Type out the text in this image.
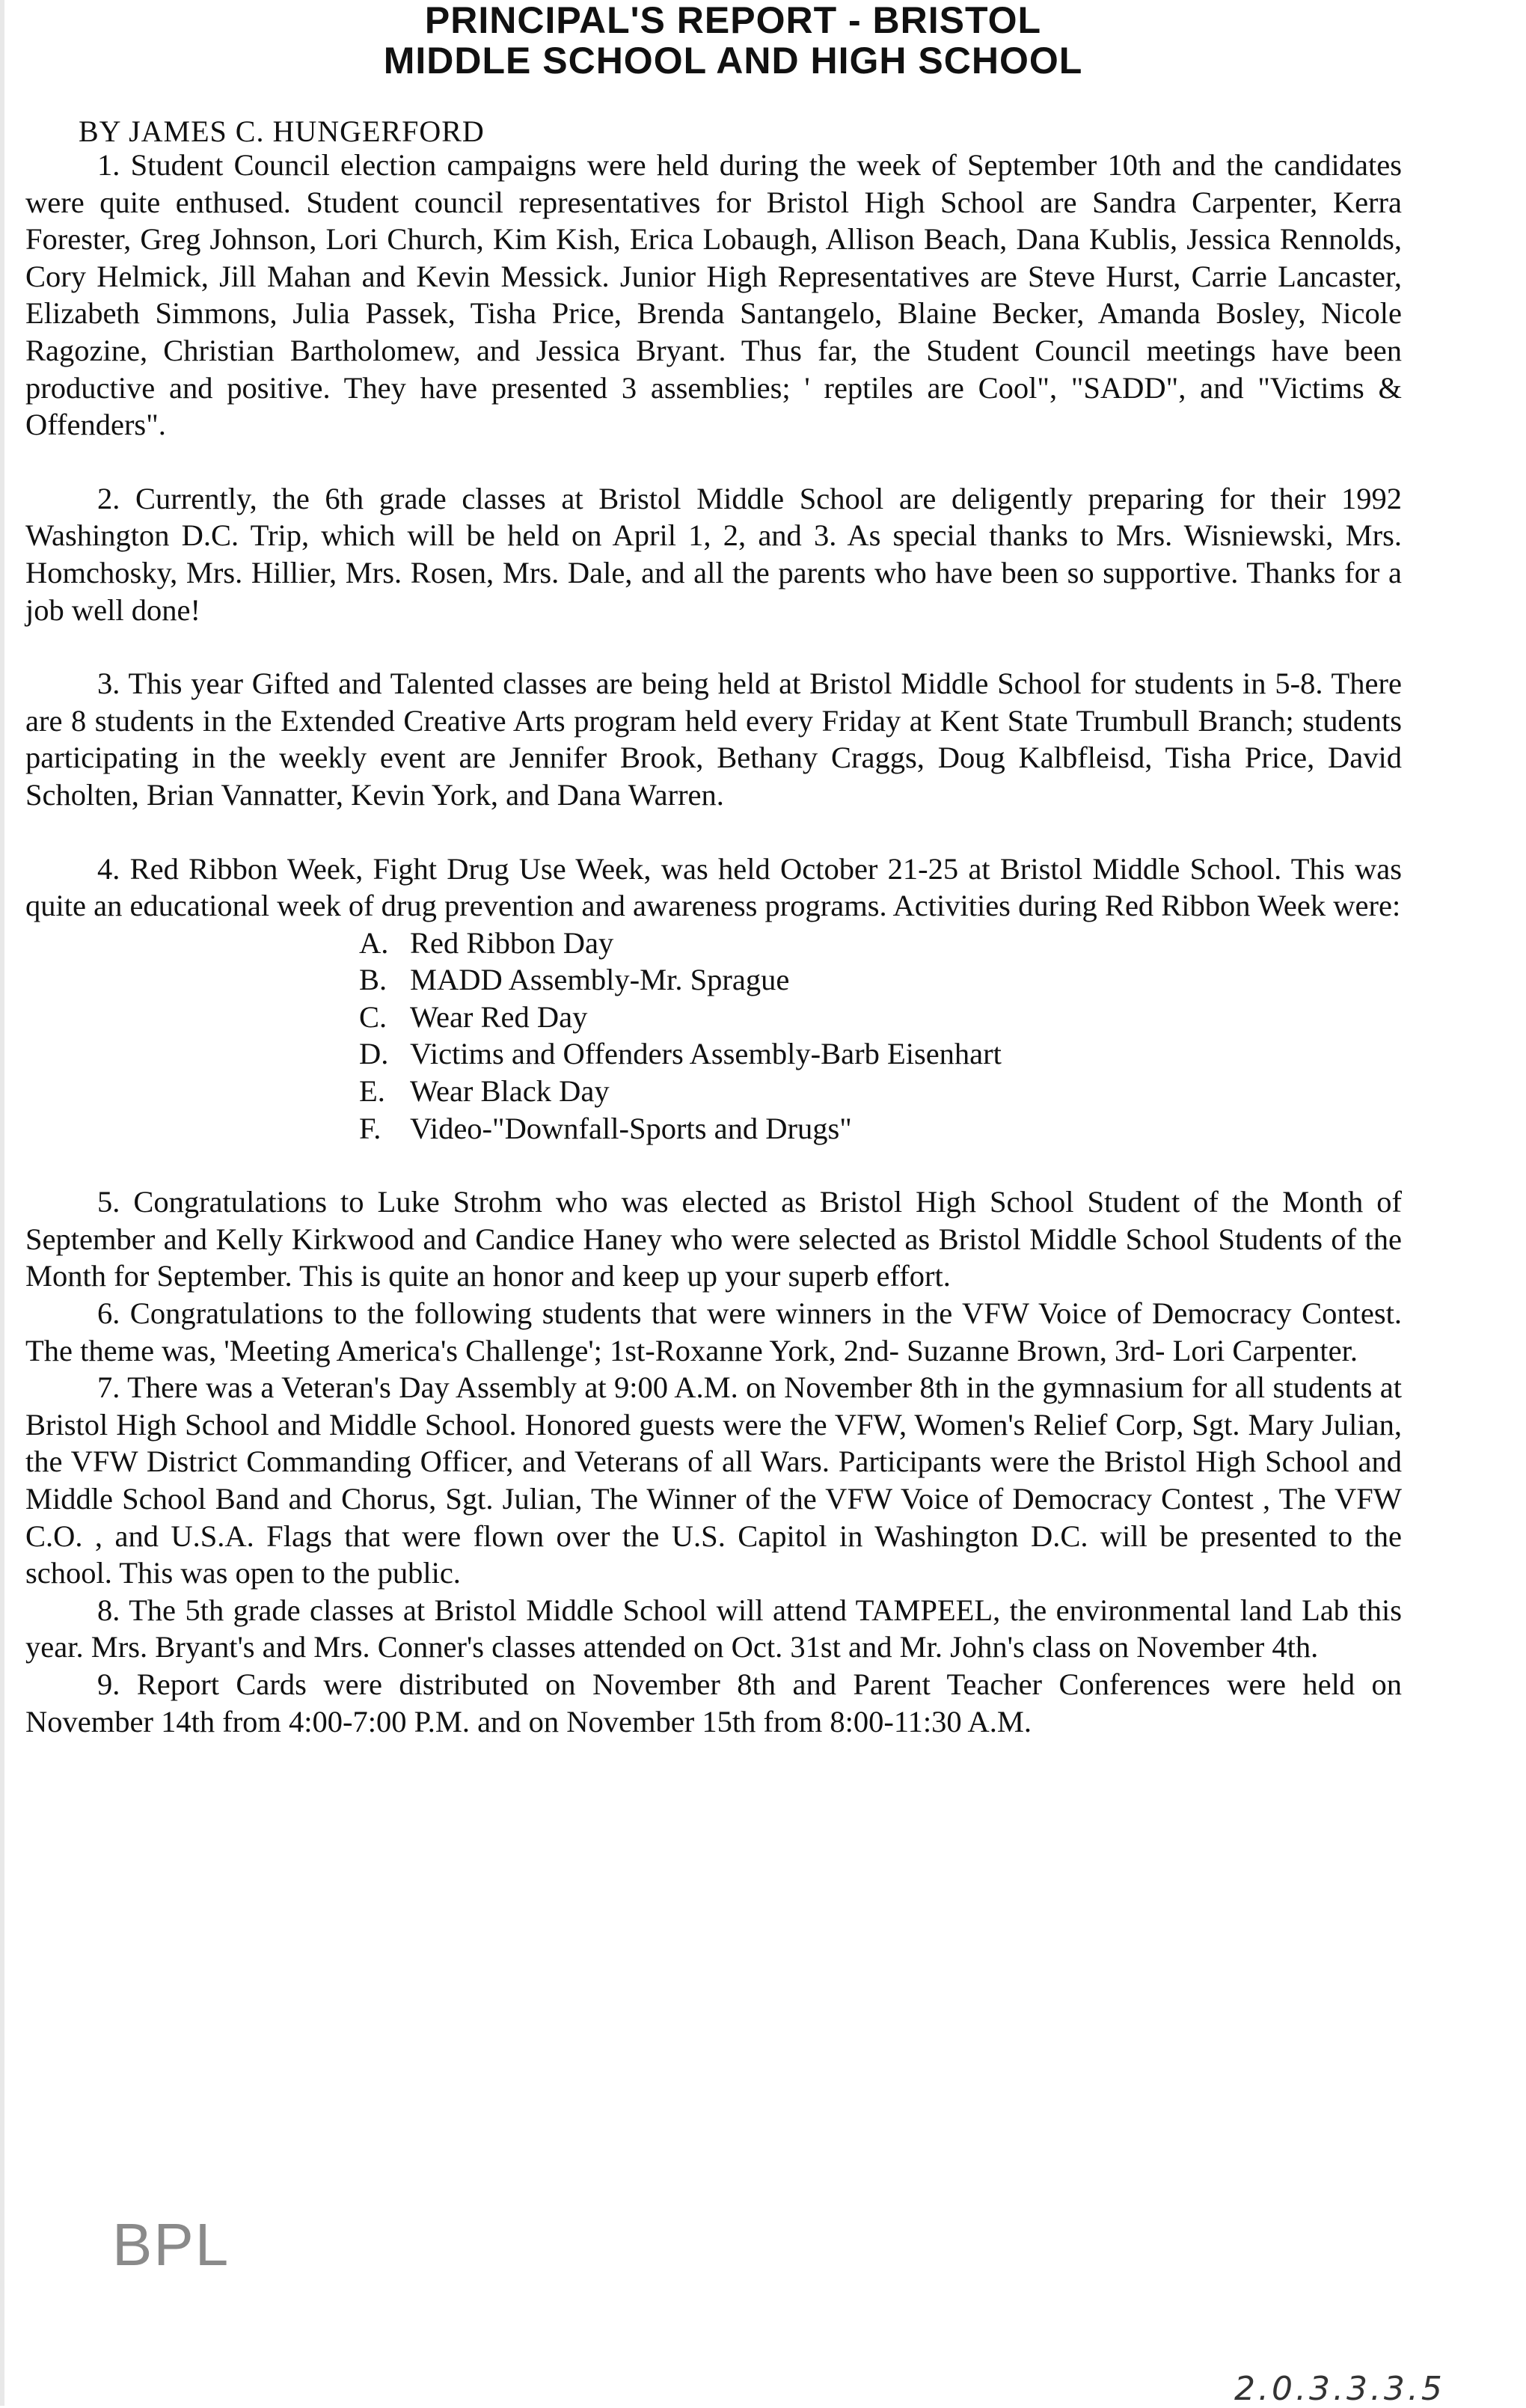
PRINCIPAL'S REPORT - BRISTOL
MIDDLE SCHOOL AND HIGH SCHOOL
BY JAMES C. HUNGERFORD

1. Student Council election campaigns were held during the week of September 10th and the candidates were quite enthused. Student council representatives for Bristol High School are Sandra Carpenter, Kerra Forester, Greg Johnson, Lori Church, Kim Kish, Erica Lobaugh, Allison Beach, Dana Kublis, Jessica Rennolds, Cory Helmick, Jill Mahan and Kevin Messick. Junior High Representatives are Steve Hurst, Carrie Lancaster, Elizabeth Simmons, Julia Passek, Tisha Price, Brenda Santangelo, Blaine Becker, Amanda Bosley, Nicole Ragozine, Christian Bartholomew, and Jessica Bryant. Thus far, the Student Council meetings have been productive and positive. They have presented 3 assemblies; ' reptiles are Cool", "SADD", and "Victims & Offenders".

2. Currently, the 6th grade classes at Bristol Middle School are deligently preparing for their 1992 Washington D.C. Trip, which will be held on April 1, 2, and 3. As special thanks to Mrs. Wisniewski, Mrs. Homchosky, Mrs. Hillier, Mrs. Rosen, Mrs. Dale, and all the parents who have been so supportive. Thanks for a job well done!

3. This year Gifted and Talented classes are being held at Bristol Middle School for students in 5-8. There are 8 students in the Extended Creative Arts program held every Friday at Kent State Trumbull Branch; students participating in the weekly event are Jennifer Brook, Bethany Craggs, Doug Kalbfleisd, Tisha Price, David Scholten, Brian Vannatter, Kevin York, and Dana Warren.

4. Red Ribbon Week, Fight Drug Use Week, was held October 21-25 at Bristol Middle School. This was quite an educational week of drug prevention and awareness programs. Activities during Red Ribbon Week were:

A. Red Ribbon Day
B. MADD Assembly-Mr. Sprague
C. Wear Red Day
D. Victims and Offenders Assembly-Barb Eisenhart
E. Wear Black Day
F. Video-"Downfall-Sports and Drugs"

5. Congratulations to Luke Strohm who was elected as Bristol High School Student of the Month of September and Kelly Kirkwood and Candice Haney who were selected as Bristol Middle School Students of the Month for September. This is quite an honor and keep up your superb effort.

6. Congratulations to the following students that were winners in the VFW Voice of Democracy Contest. The theme was, 'Meeting America's Challenge'; 1st-Roxanne York, 2nd- Suzanne Brown, 3rd- Lori Carpenter.

7. There was a Veteran's Day Assembly at 9:00 A.M. on November 8th in the gymnasium for all students at Bristol High School and Middle School. Honored guests were the VFW, Women's Relief Corp, Sgt. Mary Julian, the VFW District Commanding Officer, and Veterans of all Wars. Participants were the Bristol High School and Middle School Band and Chorus, Sgt. Julian, The Winner of the VFW Voice of Democracy Contest , The VFW C.O. , and U.S.A. Flags that were flown over the U.S. Capitol in Washington D.C. will be presented to the school. This was open to the public.

8. The 5th grade classes at Bristol Middle School will attend TAMPEEL, the environmental land Lab this year. Mrs. Bryant's and Mrs. Conner's classes attended on Oct. 31st and Mr. John's class on November 4th.

9. Report Cards were distributed on November 8th and Parent Teacher Conferences were held on November 14th from 4:00-7:00 P.M. and on November 15th from 8:00-11:30 A.M.

BPL
2.0.3.3.3.5
